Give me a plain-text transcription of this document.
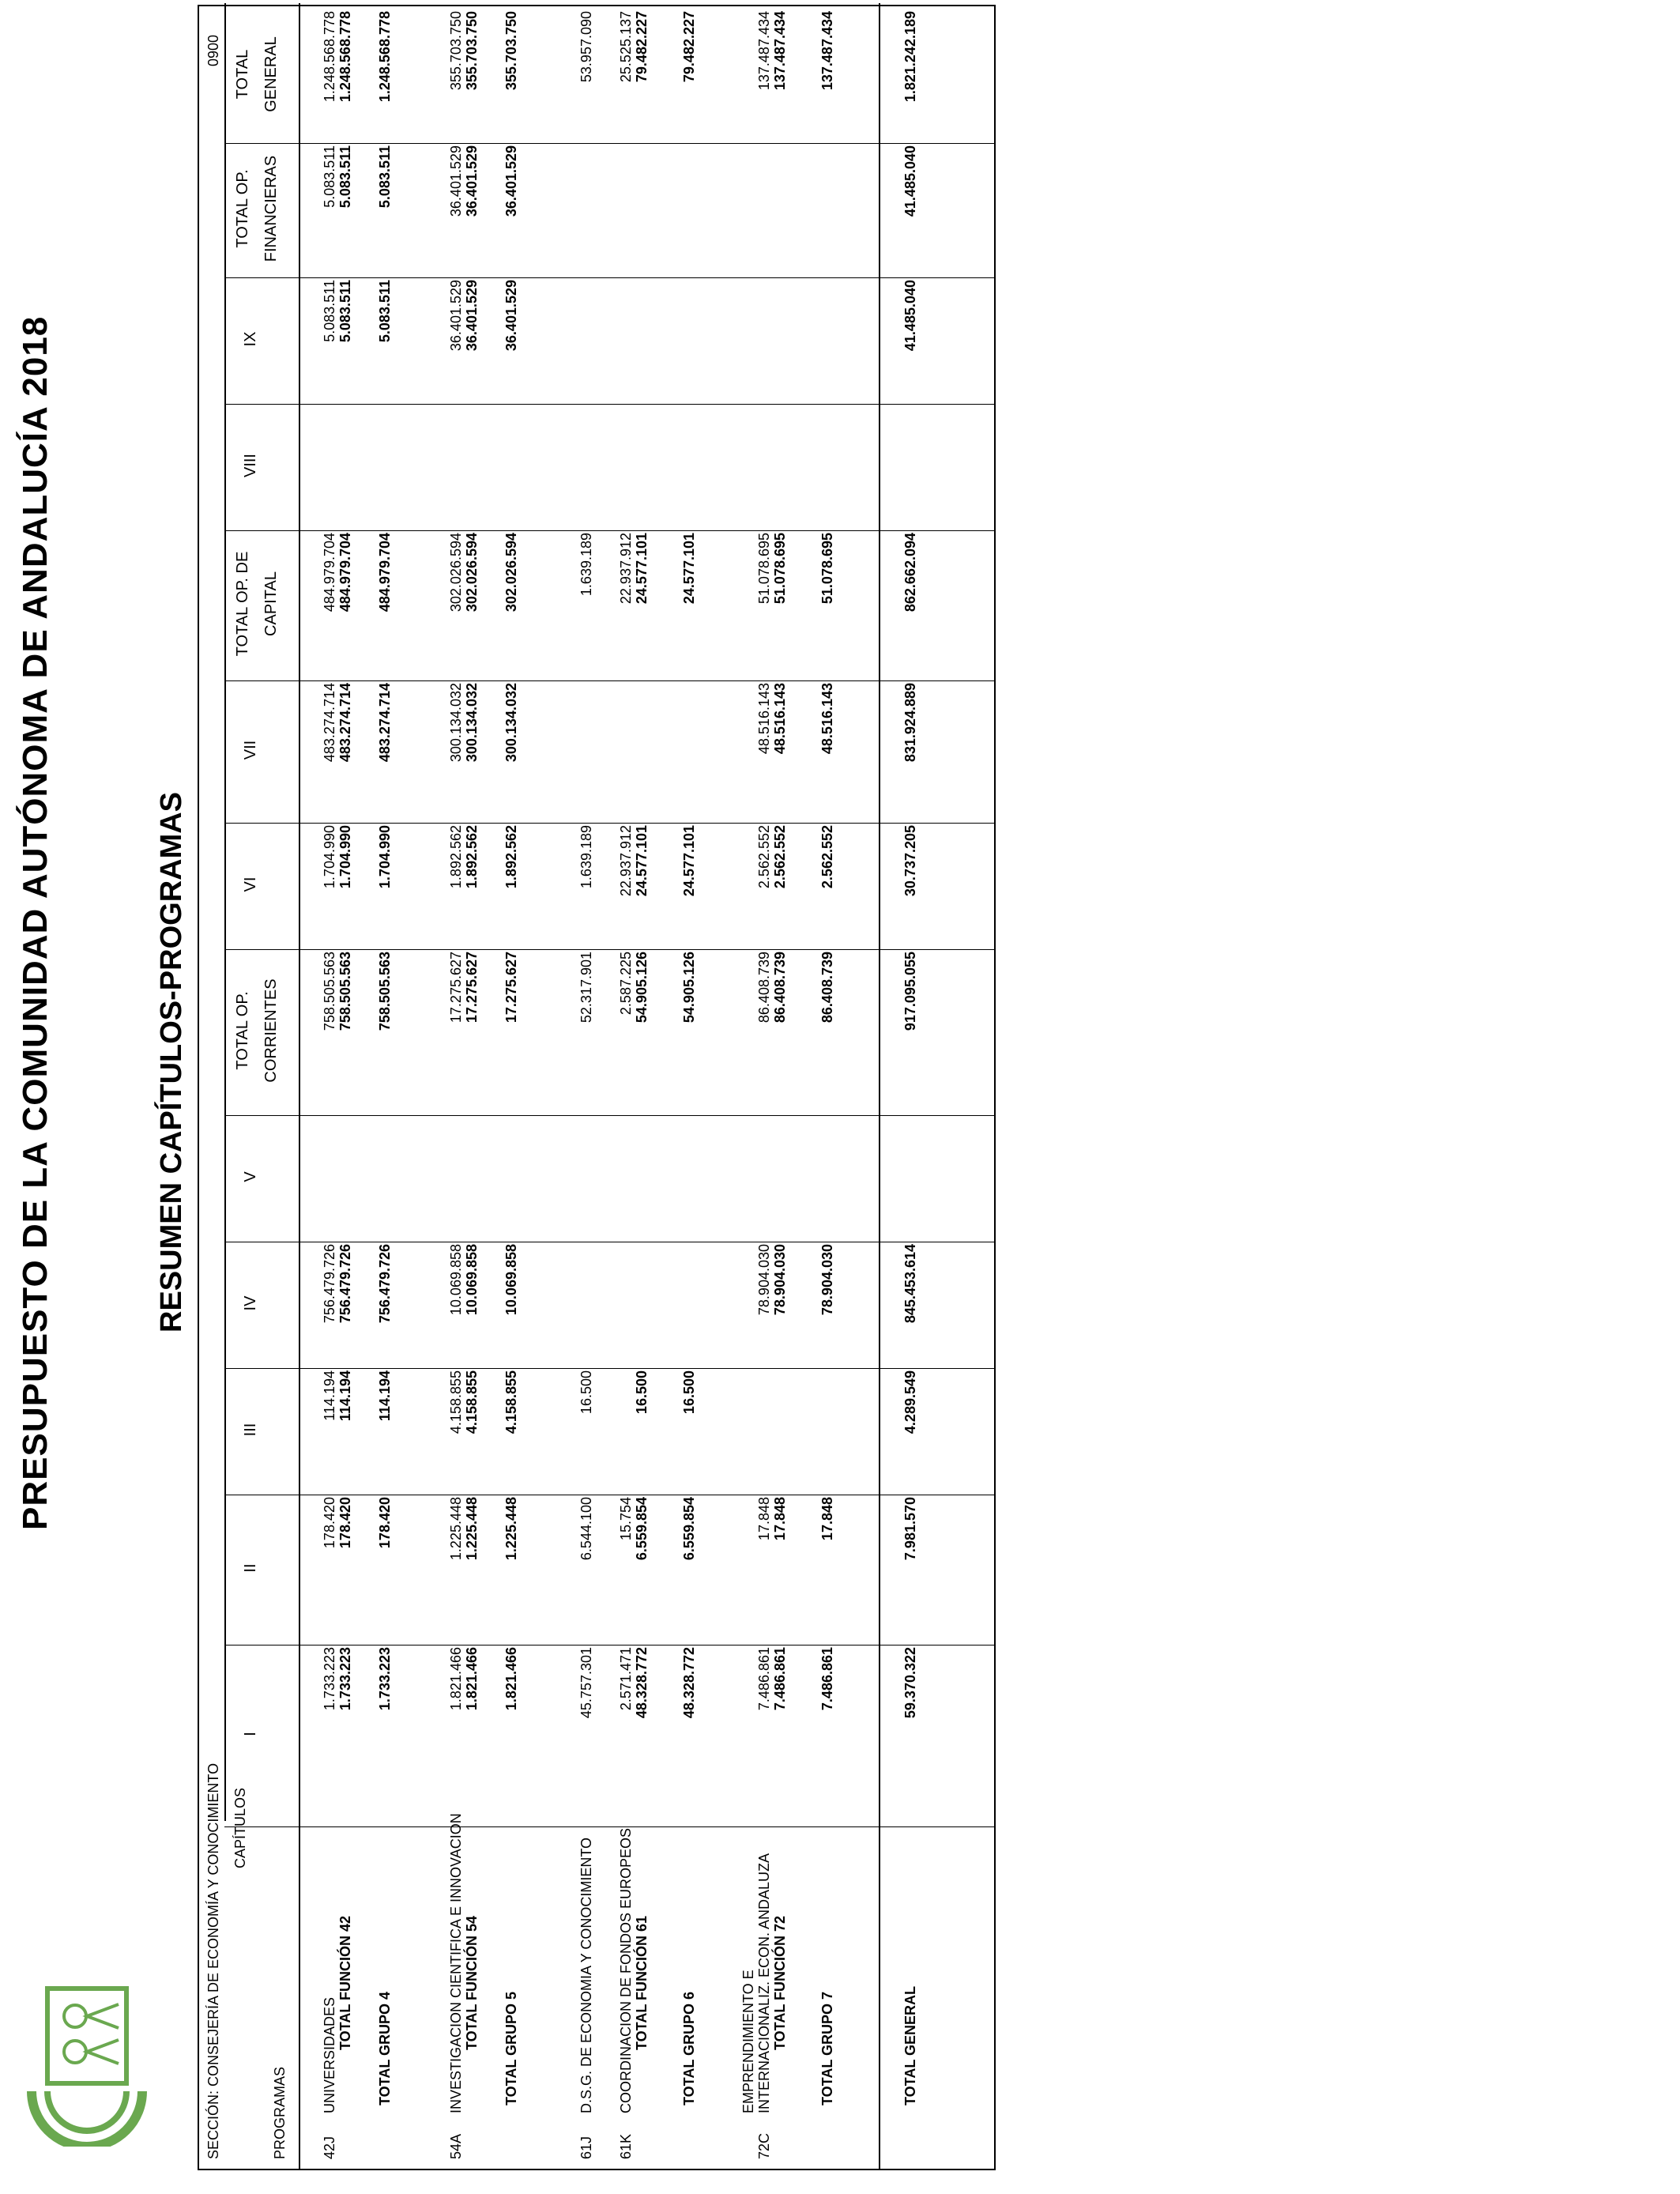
PRESUPUESTO DE LA COMUNIDAD AUTÓNOMA DE ANDALUCÍA 2018	RESUMEN CAPÍTULOS-PROGRAMAS
SECCIÓN: CONSEJERÍA DE ECONOMÍA Y CONOCIMIENTO
0900
CAPÍTULOS
PROGRAMAS
I
II
III
IV
V
TOTAL OP. CORRIENTES
VI
VII
TOTAL OP. DE CAPITAL
VIII
IX
TOTAL OP. FINANCIERAS
TOTAL GENERAL
42J
UNIVERSIDADES
1.733.223
178.420
114.194
756.479.726
758.505.563
1.704.990
483.274.714
484.979.704
5.083.511
5.083.511
1.248.568.778
TOTAL FUNCIÓN 42
1.733.223
178.420
114.194
756.479.726
758.505.563
1.704.990
483.274.714
484.979.704
5.083.511
5.083.511
1.248.568.778
TOTAL GRUPO 4
1.733.223
178.420
114.194
756.479.726
758.505.563
1.704.990
483.274.714
484.979.704
5.083.511
5.083.511
1.248.568.778
54A
INVESTIGACION CIENTIFICA E INNOVACION
1.821.466
1.225.448
4.158.855
10.069.858
17.275.627
1.892.562
300.134.032
302.026.594
36.401.529
36.401.529
355.703.750
TOTAL FUNCIÓN 54
1.821.466
1.225.448
4.158.855
10.069.858
17.275.627
1.892.562
300.134.032
302.026.594
36.401.529
36.401.529
355.703.750
TOTAL GRUPO 5
1.821.466
1.225.448
4.158.855
10.069.858
17.275.627
1.892.562
300.134.032
302.026.594
36.401.529
36.401.529
355.703.750
61J
D.S.G. DE ECONOMIA Y CONOCIMIENTO
45.757.301
6.544.100
16.500
52.317.901
1.639.189
1.639.189
53.957.090
61K
COORDINACION DE FONDOS EUROPEOS
2.571.471
15.754
2.587.225
22.937.912
22.937.912
25.525.137
TOTAL FUNCIÓN 61
48.328.772
6.559.854
16.500
54.905.126
24.577.101
24.577.101
79.482.227
TOTAL GRUPO 6
48.328.772
6.559.854
16.500
54.905.126
24.577.101
24.577.101
79.482.227
72C
EMPRENDIMIENTO E INTERNACIONALIZ. ECON. ANDALUZA
7.486.861
17.848
78.904.030
86.408.739
2.562.552
48.516.143
51.078.695
137.487.434
TOTAL FUNCIÓN 72
7.486.861
17.848
78.904.030
86.408.739
2.562.552
48.516.143
51.078.695
137.487.434
TOTAL GRUPO 7
7.486.861
17.848
78.904.030
86.408.739
2.562.552
48.516.143
51.078.695
137.487.434
TOTAL GENERAL
59.370.322
7.981.570
4.289.549
845.453.614
917.095.055
30.737.205
831.924.889
862.662.094
41.485.040
41.485.040
1.821.242.189
